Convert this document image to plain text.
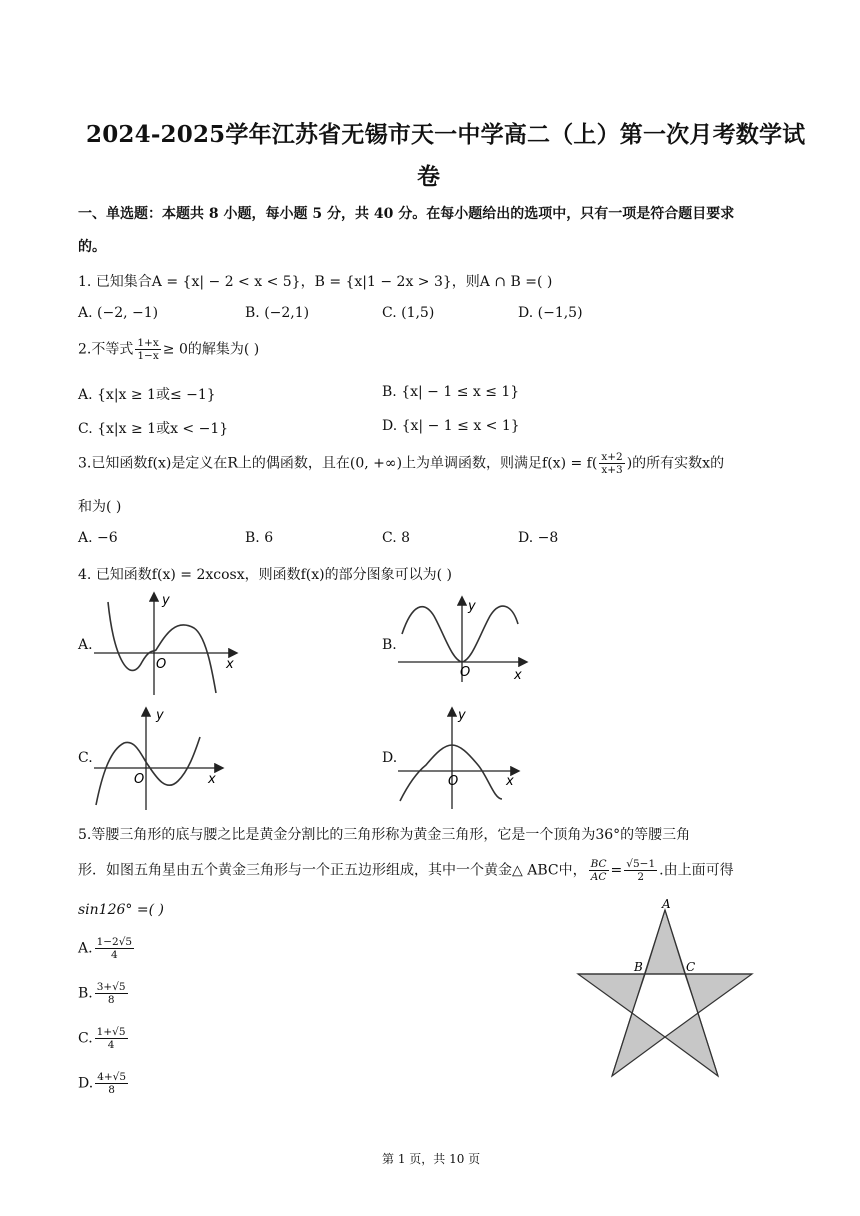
2024-2025学年江苏省无锡市天一中学高二（上）第一次月考数学试
卷
一、单选题：本题共 8 小题，每小题 5 分，共 40 分。在每小题给出的选项中，只有一项是符合题目要求
的。
1. 已知集合A = {x| − 2 < x < 5}，B = {x|1 − 2x > 3}，则A ∩ B =( )
A. (−2, −1)	B. (−2,1)	C. (1,5)	D. (−1,5)
2.不等式 $\frac{1+x}{1-x} \ge 0$的解集为( )
A. {x|x ≥ 1或≤ −1}	B. {x| − 1 ≤ x ≤ 1}
C. {x|x ≥ 1或x < −1}	D. {x| − 1 ≤ x < 1}
3.已知函数f(x)是定义在R上的偶函数，且在(0, +∞)上为单调函数，则满足$f(x) = f( \frac{x+2}{x+3}$ )的所有实数x的
和为( )
A. −6	B. 6	C. 8	D. −8
4. 已知函数f(x) = 2xcosx，则函数f(x)的部分图象可以为( )
A.	B.
C.	D.
y
x
O
y
x
O
y
x
O
y
x
O
5.等腰三角形的底与腰之比是黄金分割比的三角形称为黄金三角形，它是一个顶角为36°的等腰三角
形．如图五角星由五个黄金三角形与一个正五边形组成，其中一个黄金△ ABC中， $\frac{BC}{AC} = \frac{√5-1}{2}$ .由上面可得
sin126° =( )
A. $\frac{1-2√5}{4}$
B. $\frac{3+√5}{8}$
C. $\frac{1+√5}{4}$
D. $\frac{4+√5}{8}$
A
B	C
第 1 页，共 10 页
